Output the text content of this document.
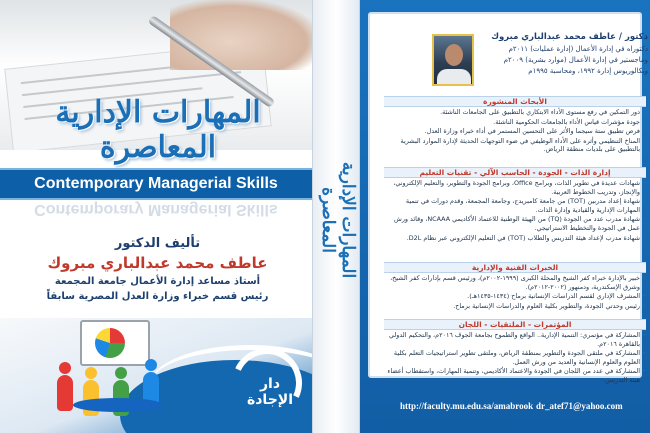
المهارات الإدارية المعاصرة
Contemporary Managerial Skills
Contemporary Managerial Skills
تأليف الدكتور
عاطف محمد عبدالباري مبروك
أستاذ مساعد إدارة الأعمال جامعة المجمعة
رئيس قسم خبراء وزارة العدل المصرية سابقاً
دار الإجادة
المهارات الإدارية المعاصرة
دكتور / عاطف محمد عبدالباري مبروك
دكتوراه في إدارة الأعمال (إدارة عمليات) ٢٠١١م
وماجستير في إدارة الأعمال (موارد بشرية) ٢٠٠٩م
وبكالوريوس إدارة ١٩٩٢، ومحاسبة ١٩٩٥م
الأبحاث المنشورة
• دور التمكين في رفع مستوى الأداء الابتكاري بالتطبيق على الجامعات الناشئة.
• جودة مؤشرات قياس الأداء بالجامعات الحكومية الناشئة.
• فرص تطبيق ستة سيجما والأثر على التحسين المستمر في أداء خبراء وزارة العدل.
• المناخ التنظيمي وأثره على الأداء الوظيفي في ضوء التوجهات الحديثة لإدارة الموارد البشرية بالتطبيق على بلديات منطقة الرياض.
إدارة الذات - الجودة - الحاسب الآلي - تقنيات التعليم
• شهادات عديدة في تطوير الذات، وبرامج Office، وبرامج الجودة والتطوير، والتعليم الإلكتروني، والإنجاز، وتدريب الخطوط العربية.
• شهادة إعداد مدربين (TOT) من جامعة كامبريدج، وجامعة المجمعة، وقدم دورات في تنمية المهارات الإدارية والقيادية وإدارة الذات.
• شهادة مدرب عدد من الجودة (TQ) من الهيئة الوطنية للاعتماد الأكاديمي NCAAA، وقائد ورش عمل في الجودة والتخطيط الاستراتيجي.
• شهادة مدرب لإعداد هيئة التدريس والطلاب (TOT) في التعليم الإلكتروني عبر نظام D2L.
الخبرات الفنية والإدارية
• خبير بالإدارة خبراء كفر الشيخ والمحلة الكبرى (١٩٩٩-٢٠٠٢م)، ورئيس قسم بإدارات كفر الشيخ، وشرق الإسكندرية، ودمنهور (٢٠٠٢-٢٠١٢م).
• المشرف الإداري لقسم الدراسات الإنسانية برماح (١٤٣٤-١٤٣٥هـ).
• رئيس وحدتي الجودة، والتطوير بكلية العلوم والدراسات الإنسانية برماح.
المؤتمرات - الملتقيات - اللجان
• المشاركة في مؤتمري: التنمية الإدارية.. الواقع والطموح بجامعة الجوف ٢٠١٦م، والتحكيم الدولي بالقاهرة ٢٠١٦م.
• المشاركة في ملتقى الجودة والتطوير بمنطقة الرياض، وملتقى تطوير استراتيجيات التعلم بكلية العلوم والعلوم الإنسانية والعديد من ورش العمل.
• المشاركة في عدد من اللجان في الجودة والاعتماد الأكاديمي، وتنمية المهارات، واستقطاب أعضاء هيئة التدريس.
http://faculty.mu.edu.sa/amabrook dr_atef71@yahoo.com
